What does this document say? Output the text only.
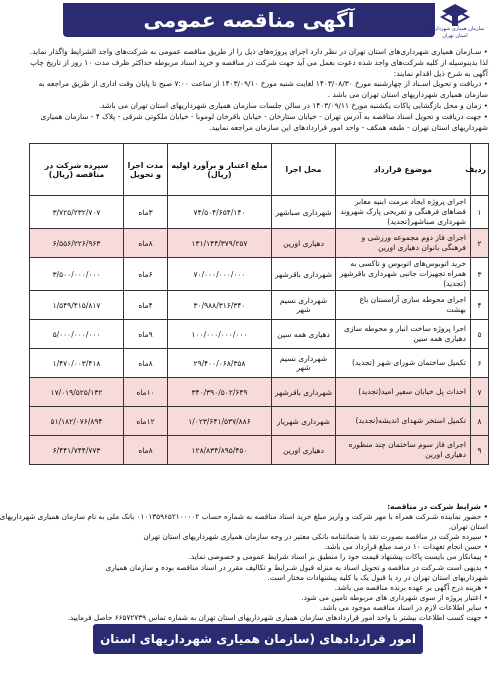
آگهی مناقصه عمومی	سازمان همیاری شهرداریهای استان تهران

• سـازمان همیاری شهرداری‌های استان تهران در نظر دارد اجرای پروژه‌های ذیل را از طریق مناقصه عمومی به شرکت‌های واجد الشرایط واگذار نماید.

لذا بدینوسیله از کلیه شرکت‌های واجد شده دعوت بعمل می آید جهت شرکت در مناقصه و خرید اسناد مربوطه حداکثر ظرف مدت ۱۰ روز از تاریخ چاپ

آگهی به شرح ذیل اقدام نمایند:

• دریافت و تحویل اسـناد از چهارشنبه مورخ ۱۴۰۳/۰۸/۳۰ لغایت شنبه مورخ ۱۴۰۳/۰۹/۱۰ از ساعت ۷:۰۰ صبح تا پایان وقت اداری از طریق مراجعه به

سازمان همیاری شهرداریهای استان تهران می باشد .

• زمان و محل بازگشایی پاکات یکشنبه مورخ ۱۴۰۳/۰۹/۱۱ در سالن جلسات سازمان همیاری شهرداریهای استان تهران می باشد.

• جهت دریافت و تحویل اسناد مناقصه به آدرس تهران - خیابان ستارخان - خیابان باقرخان لوموبا - خیابان ملکوتی شرقی - پلاک ۴ - سازمان همیاری

شهرداریهای استان تهران - طبقه همکف - واحد امور قراردادهای این سازمان مراجعه نمایید.

ردیف	موضوع قرارداد	محل اجرا	مبلغ اعتبار و برآورد اولیه (ریال)	مدت اجرا و تحویل	سپرده شرکت در مناقصه (ریال)
۱	اجرای پروژه ایجاد مرمت ابنیه معابر فضاهای فرهنگی و تفریحی پارک شهروند شهرداری صباشهر(تجدید)	شهرداری صباشهر	۷۴/۵۰۴/۶۵۴/۱۴۰	۳ماه	۳/۷۲۵/۲۳۲/۷۰۷
۲	اجرای فاز دوم مجموعه ورزشی و فرهنگی بانوان دهیاری اورین	دهیاری اورین	۱۳۱/۱۴۴/۳۷۹/۲۵۷	۸ماه	۶/۵۵۶/۲۲۶/۹۶۳
۳	خرید اتوبوس‌های اتوبوس و تاکسی به همراه تجهیزات جانبی شهرداری باقرشهر (تجدید)	شهرداری باقرشهر	۷۰/۰۰۰/۰۰۰/۰۰۰	۶ماه	۳/۵۰۰/۰۰۰/۰۰۰
۴	اجرای محوطه سازی آرامستان باغ بهشت	شهرداری نسیم شهر	۳۰/۹۸۸/۳۱۶/۳۴۰	۴ماه	۱/۵۴۹/۴۱۵/۸۱۷
۵	اجرا پروژه ساخت انبار و محوطه سازی دهیاری همه سین	دهیاری همه سین	۱۰۰/۰۰۰/۰۰۰/۰۰۰	۹ماه	۵/۰۰۰/۰۰۰/۰۰۰
۶	تکمیل ساختمان شورای شهر (تجدید)	شهرداری نسیم شهر	۲۹/۴۰۰/۰۶۸/۳۵۸	۸ماه	۱/۴۷۰/۰۰۳/۴۱۸
۷	احداث پل خیابان سفیر امید(تجدید)	شهرداری باقرشهر	۳۴۰/۳۹۰/۵۰۲/۶۴۹	۱۰ماه	۱۷/۰۱۹/۵۲۵/۱۳۲
۸	تکمیل استخر شهدای اندیشه(تجدید)	شهرداری شهریار	۱/۰۲۳/۶۴۱/۵۳۷/۸۸۶	۱۲ماه	۵۱/۱۸۲/۰۷۶/۸۹۴
۹	اجرای فاز سوم ساختمان چند منظوره دهیاری اورین	دهیاری اورین	۱۲۸/۸۳۴/۸۹۵/۴۵۰	۸ماه	۶/۴۴۱/۷۴۴/۷۷۳

• شرایط شرکت در مناقصه:

• حضور نماینده شـرکت همراه با مهر شرکت و واریز مبلغ خرید اسناد مناقصه به شماره حساب ۰۱۰۱۳۵۹۶۵۲۱۰۰۰۰۲ بانک ملی به نام سازمان همیاری شهرداریهای

استان تهران.

• سپرده شرکت در مناقصه بصورت نقد یا ضمانتنامه بانکی معتبر در وجه سازمان همیاری شهرداریهای استان تهران

• حسن انجام تعهدات ۱۰ درصد مبلغ قرارداد می باشد.

• پیمانکار می بایست پاکات پیشنهاد قیمت خود را منطبق بر اسناد شرایط عمومی و خصوصی نماید.

• بدیهی است شـرکت در مناقصه و تحویل اسناد به منزله قبول شـرایط و تکالیف مقرر در اسناد مناقصه بوده و سازمان همیاری

شهرداریهای استان تهران در رد یا قبول یک یا کلیه پیشنهادات مختار است.

• هزینه درج آگهی بر عهده برنده مناقصه می باشد.

• اعتبار پروژه از سوی شهرداری های مربوطه تامین می شود.

• سایر اطلاعات لازم در اسناد مناقصه موجود می باشد.

• جهت کسب اطلاعات بیشتر با واحد امور قراردادهای سازمان همیاری شهرداریهای استان تهران به شماره تماس ۶۶۵۷۲۷۳۹ حاصل فرمایید.

امور قراردادهای (سازمان همیاری شهرداریهای استان تهران)
